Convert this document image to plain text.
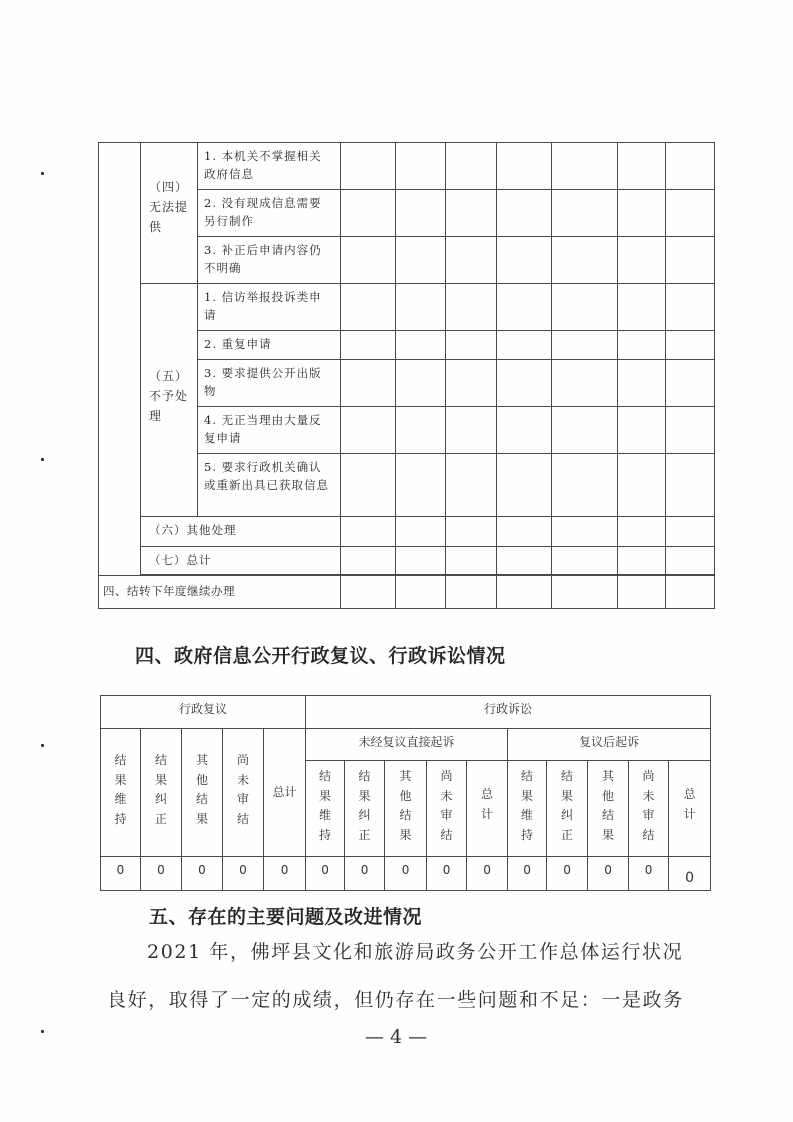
	（四）无法提供	1. 本机关不掌握相关政府信息							
		2. 没有现成信息需要另行制作							
		3. 补正后申请内容仍不明确							

	（五）不予处理	1. 信访举报投诉类申请							
		2. 重复申请							
		3. 要求提供公开出版物							
		4. 无正当理由大量反复申请							
		5. 要求行政机关确认或重新出具已获取信息							
	（六）其他处理								
	（七）总计								

四、结转下年度继续办理									
四、政府信息公开行政复议、行政诉讼情况
行政复议					行政诉讼									

结果维持	结果纠正	其他结果	尚未审结	总计	未经复议直接起诉					复议后起诉				

					结果维持	结果纠正	其他结果	尚未审结	总计	结果维持	结果纠正	其他结果	尚未审结	总计

0	0	0	0	0	0	0	0	0	0	0	0	0	0	0
五、存在的主要问题及改进情况
2021 年，佛坪县文化和旅游局政务公开工作总体运行状况
良好，取得了一定的成绩，但仍存在一些问题和不足：一是政务
— 4 —
